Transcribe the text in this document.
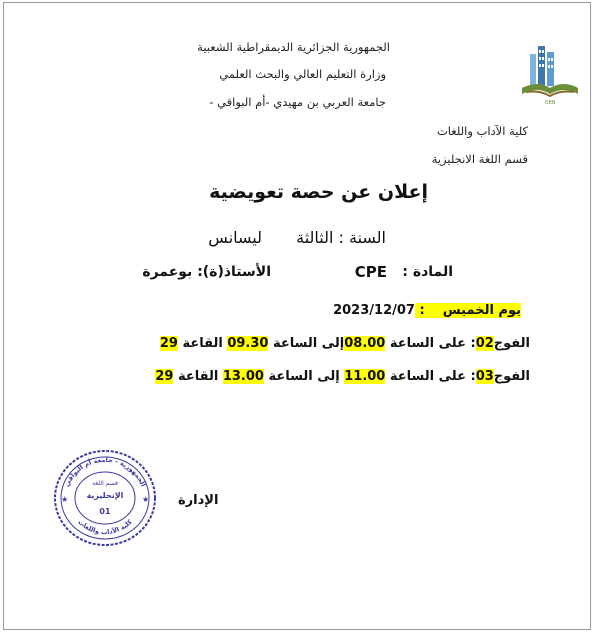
OEB
الجمهورية الجزائرية الديمقراطية الشعبية
وزارة التعليم العالي والبحث العلمي
جامعة العربي بن مهيدي -أم البواقي -
كلية الآداب واللغات
قسم اللغة الانجليزية
إعلان عن حصة تعويضية
السنة : الثالثة
ليسانس
المادة :
CPE
الأستاذ(ة): بوعمرة
يوم الخميس    : 2023/12/07
الفوج02: على الساعة 08.00إلى الساعة 09.30 القاعة 29
الفوج03: على الساعة 11.00 إلى الساعة 13.00 القاعة 29
الإدارة
الجمهورية - جامعة أم البواقي
كلية الآداب واللغات
قسم اللغة
الإنجليزية
01
★	★
